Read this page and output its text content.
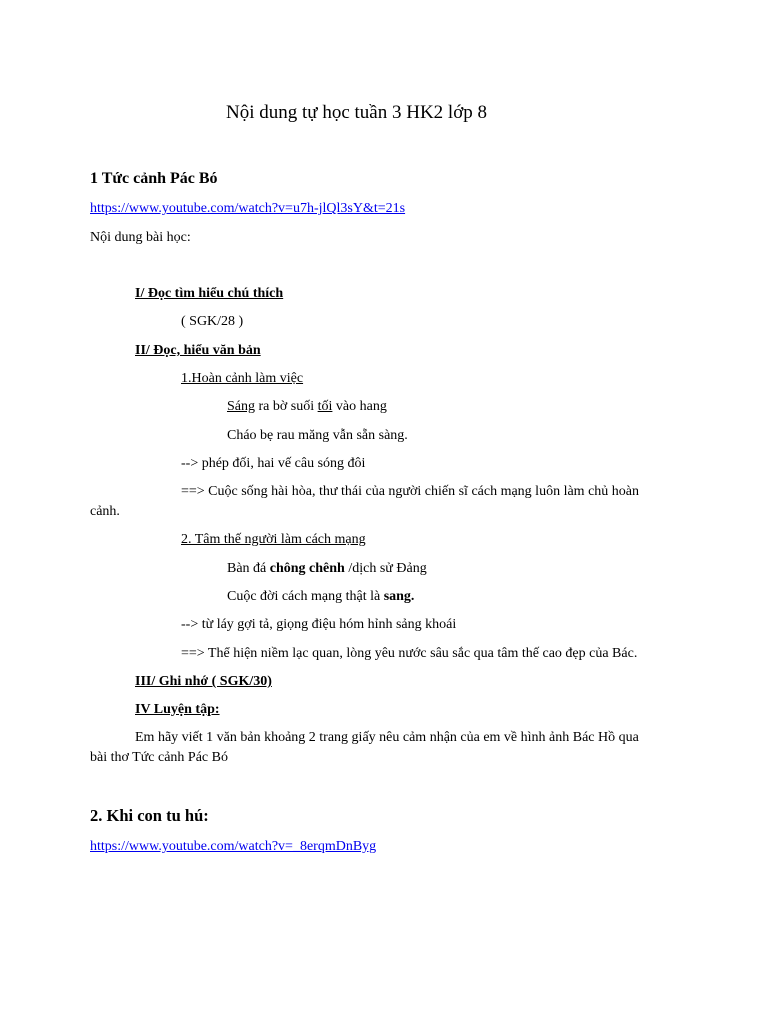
Nội dung tự học tuần 3 HK2 lớp 8
1 Tức cảnh Pác Bó
https://www.youtube.com/watch?v=u7h-jlQl3sY&t=21s
Nội dung bài học:
I/ Đọc tìm hiểu chú thích
( SGK/28 )
II/ Đọc, hiểu văn bản
1.Hoàn cảnh làm việc
Sáng ra bờ suối tối vào hang
Cháo bẹ rau măng vẫn sẵn sàng.
--> phép đối, hai vế câu sóng đôi
==> Cuộc sống hài hòa, thư thái của người chiến sĩ cách mạng luôn làm chủ hoàn
cảnh.
2. Tâm thế người làm cách mạng
Bàn đá chông chênh /dịch sử Đảng
Cuộc đời cách mạng thật là sang.
--> từ láy gợi tả, giọng điệu hóm hỉnh sảng khoái
==> Thể hiện niềm lạc quan, lòng yêu nước sâu sắc qua tâm thế cao đẹp của Bác.
III/ Ghi nhớ ( SGK/30)
IV Luyện tập:
Em hãy viết 1 văn bản khoảng 2 trang giấy nêu cảm nhận của em về hình ảnh Bác Hồ qua
bài thơ Tức cảnh Pác Bó
2. Khi con tu hú:
https://www.youtube.com/watch?v=_8erqmDnByg
